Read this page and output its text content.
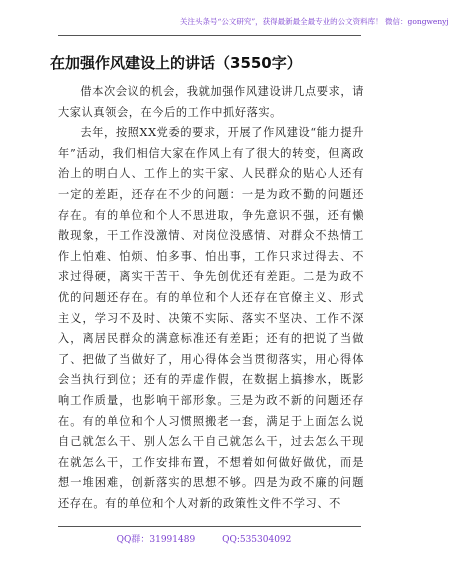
关注头条号“公文研究”，获得最新最全最专业的公文资料库！ 微信：gongwenyj
在加强作风建设上的讲话（3550字）

借本次会议的机会，我就加强作风建设讲几点要求，请大家认真领会，在今后的工作中抓好落实。

去年，按照XX党委的要求，开展了作风建设“能力提升年”活动，我们相信大家在作风上有了很大的转变，但离政治上的明白人、工作上的实干家、人民群众的贴心人还有一定的差距，还存在不少的问题：一是为政不勤的问题还存在。有的单位和个人不思进取，争先意识不强，还有懒散现象，干工作没激情、对岗位没感情、对群众不热情工作上怕难、怕烦、怕多事、怕出事，工作只求过得去、不求过得硬，离实干苦干、争先创优还有差距。二是为政不优的问题还存在。有的单位和个人还存在官僚主义、形式主义，学习不及时、决策不实际、落实不坚决、工作不深入，离居民群众的满意标准还有差距；还有的把说了当做了、把做了当做好了，用心得体会当贯彻落实，用心得体会当执行到位；还有的弄虚作假，在数据上搞掺水，既影响工作质量，也影响干部形象。三是为政不新的问题还存在。有的单位和个人习惯照搬老一套，满足于上面怎么说自己就怎么干、别人怎么干自己就怎么干，过去怎么干现在就怎么干，工作安排布置，不想着如何做好做优，而是想一堆困难，创新落实的思想不够。四是为政不廉的问题还存在。有的单位和个人对新的政策性文件不学习、不

QQ群：31991489	QQ:535304092
